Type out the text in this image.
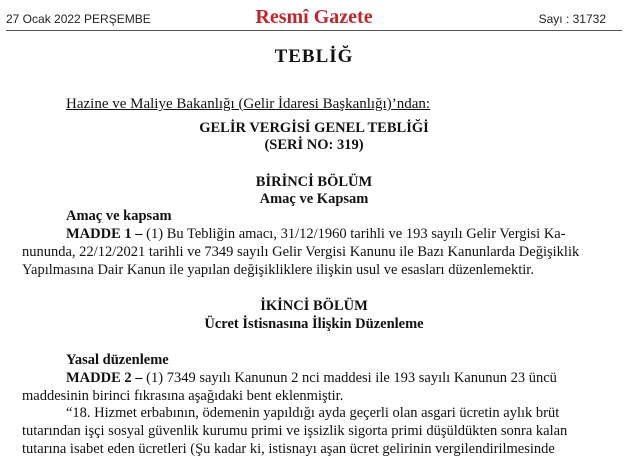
27 Ocak 2022 PERŞEMBE	Resmî Gazete	Sayı : 31732
TEBLİĞ
Hazine ve Maliye Bakanlığı (Gelir İdaresi Başkanlığı)’ndan:
GELİR VERGİSİ GENEL TEBLİĞİ
(SERİ NO: 319)
BİRİNCİ BÖLÜM
Amaç ve Kapsam
Amaç ve kapsam
MADDE 1 – (1) Bu Tebliğin amacı, 31/12/1960 tarihli ve 193 sayılı Gelir Vergisi Ka-
nununda, 22/12/2021 tarihli ve 7349 sayılı Gelir Vergisi Kanunu ile Bazı Kanunlarda Değişiklik
Yapılmasına Dair Kanun ile yapılan değişikliklere ilişkin usul ve esasları düzenlemektir.
İKİNCİ BÖLÜM
Ücret İstisnasına İlişkin Düzenleme
Yasal düzenleme
MADDE 2 – (1) 7349 sayılı Kanunun 2 nci maddesi ile 193 sayılı Kanunun 23 üncü
maddesinin birinci fıkrasına aşağıdaki bent eklenmiştir.
“18. Hizmet erbabının, ödemenin yapıldığı ayda geçerli olan asgari ücretin aylık brüt
tutarından işçi sosyal güvenlik kurumu primi ve işsizlik sigorta primi düşüldükten sonra kalan
tutarına isabet eden ücretleri (Şu kadar ki, istisnayı aşan ücret gelirinin vergilendirilmesinde
